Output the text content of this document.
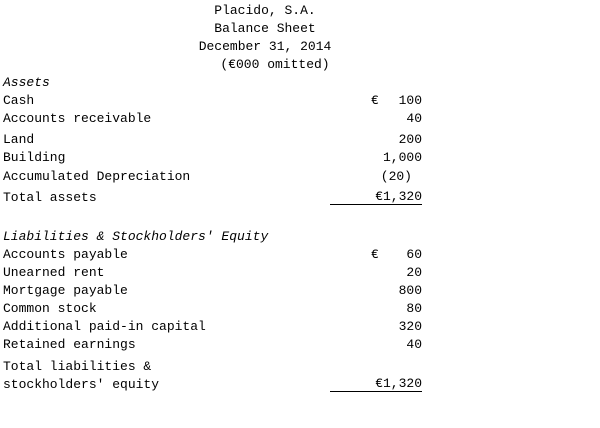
Placido, S.A.
Balance Sheet
December 31, 2014
(€000 omitted)
Assets
Cash	€	100
Accounts receivable	40
Land	200
Building	1,000
Accumulated Depreciation	(20)
Total assets	€1,320
Liabilities & Stockholders' Equity
Accounts payable	€	60
Unearned rent	20
Mortgage payable	800
Common stock	80
Additional paid-in capital	320
Retained earnings	40
Total liabilities &
stockholders' equity	€1,320
